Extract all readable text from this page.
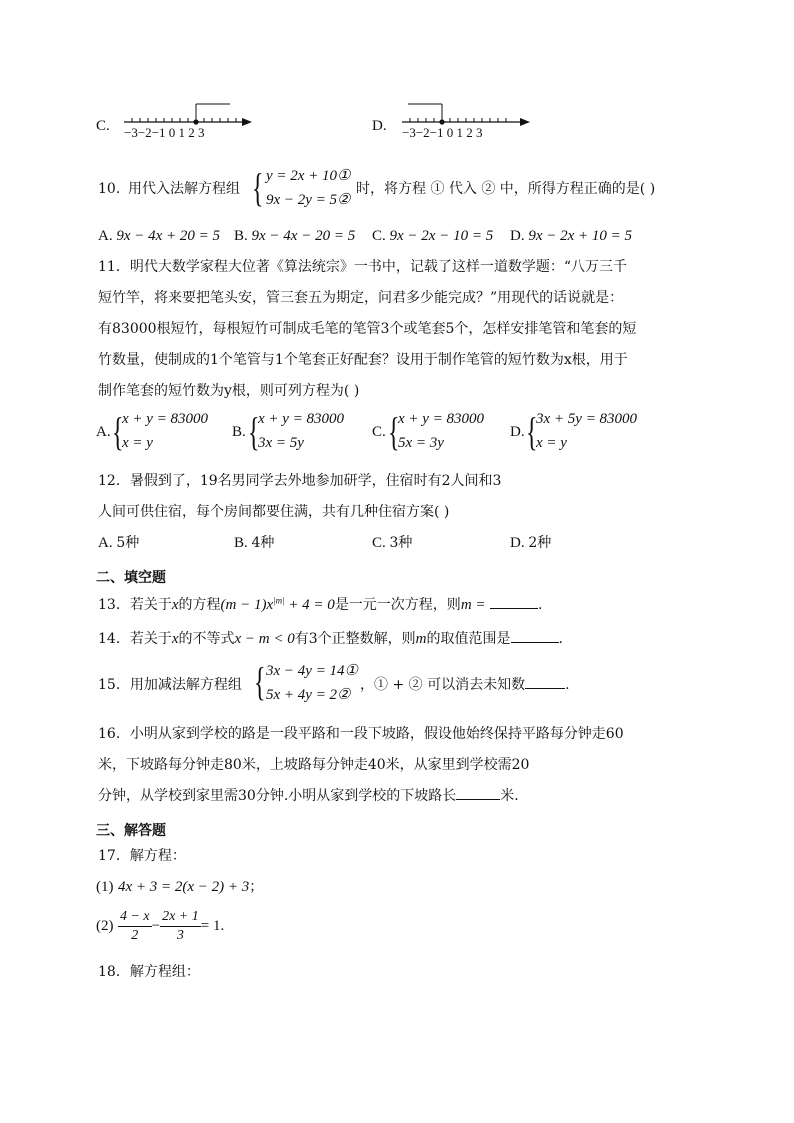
C. −3−2−1 0 1 2 3	D. −3−2−1 0 1 2 3
10．
用代入法解方程组 { y = 2x + 10①
9x − 2y = 5②
时，将方程 ① 代入 ② 中，所得方程正确的是( )
A. 9x − 4x + 20 = 5 B. 9x − 4x − 20 = 5 C. 9x − 2x − 10 = 5 D. 9x − 2x + 10 = 5
11．明代大数学家程大位著《算法统宗》一书中，记载了这样一道数学题：“八万三千
短竹竿，将来要把笔头安，管三套五为期定，问君多少能完成？”用现代的话说就是：
有83000根短竹，每根短竹可制成毛笔的笔管3个或笔套5个，怎样安排笔管和笔套的短
竹数量，使制成的1个笔管与1个笔套正好配套？设用于制作笔管的短竹数为x根，用于
制作笔套的短竹数为y根，则可列方程为( )
A. {
x + y = 83000
x = y
B. {
x + y = 83000
3x = 5y
C. {
x + y = 83000
5x = 3y
D. {
3x + 5y = 83000
x = y
12．暑假到了，19名男同学去外地参加研学，住宿时有2人间和3
人间可供住宿，每个房间都要住满，共有几种住宿方案( )
A. 5种	B. 4种	C. 3种	D. 2种
二、填空题
13．若关于x的方程$(m - 1)x^{|m|} + 4 = 0$是一元一次方程，则m =	.
14．若关于x的不等式x − m < 0有3个正整数解，则m的取值范围是	.
15．用加减法解方程组 { 3x − 4y = 14①
5x + 4y = 2②
，① + ② 可以消去未知数	.
16．小明从家到学校的路是一段平路和一段下坡路，假设他始终保持平路每分钟走60
米，下坡路每分钟走80米，上坡路每分钟走40米，从家里到学校需20
分钟，从学校到家里需30分钟.小明从家到学校的下坡路长	米.
三、解答题
17．解方程：
(1) 4x + 3 = 2(x − 2) + 3；
$(2) \frac{4 - x}{2} - \frac{2x + 1}{3} = 1$.
18．解方程组：
